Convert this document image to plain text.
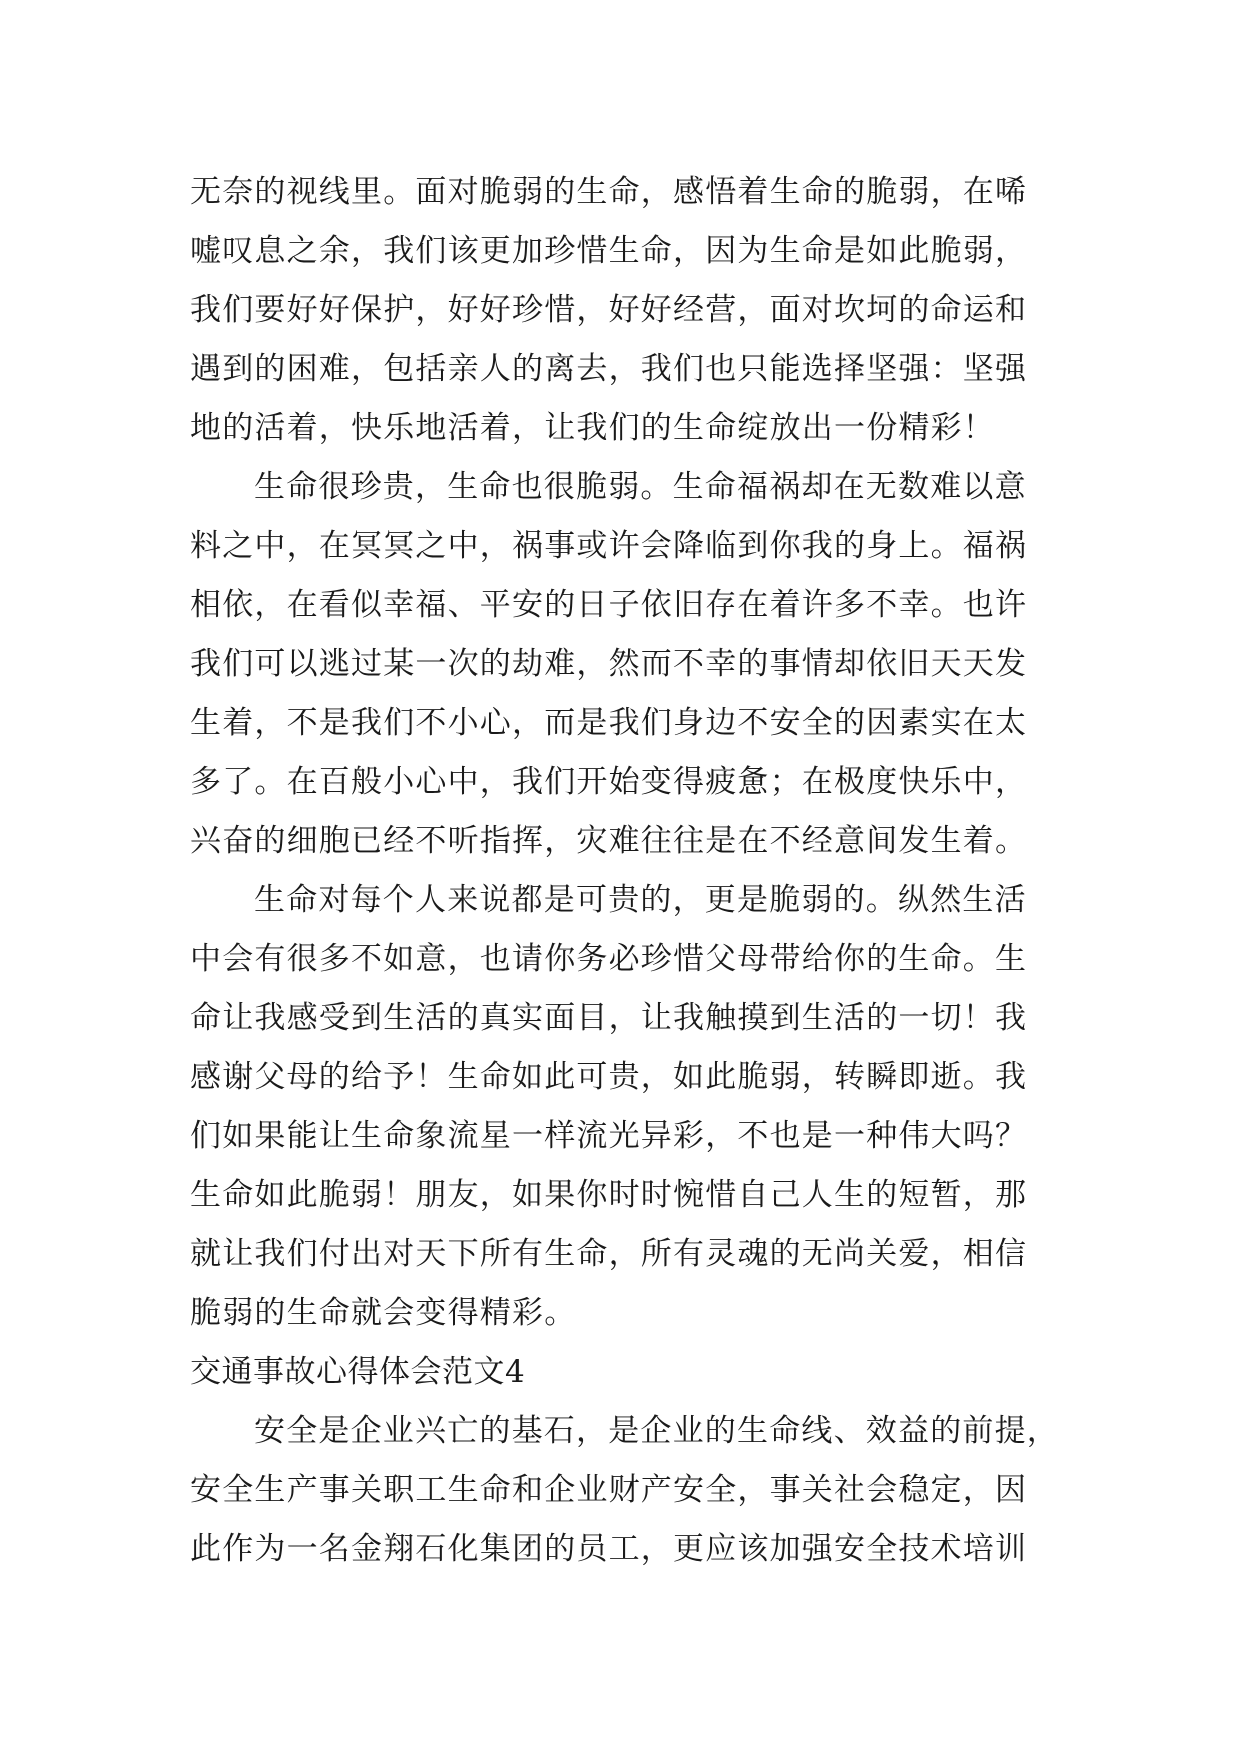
无奈的视线里。面对脆弱的生命，感悟着生命的脆弱，在唏
嘘叹息之余，我们该更加珍惜生命，因为生命是如此脆弱，
我们要好好保护，好好珍惜，好好经营，面对坎坷的命运和
遇到的困难，包括亲人的离去，我们也只能选择坚强：坚强
地的活着，快乐地活着，让我们的生命绽放出一份精彩！
生命很珍贵，生命也很脆弱。生命福祸却在无数难以意
料之中，在冥冥之中，祸事或许会降临到你我的身上。福祸
相依，在看似幸福、平安的日子依旧存在着许多不幸。也许
我们可以逃过某一次的劫难，然而不幸的事情却依旧天天发
生着，不是我们不小心，而是我们身边不安全的因素实在太
多了。在百般小心中，我们开始变得疲惫；在极度快乐中，
兴奋的细胞已经不听指挥，灾难往往是在不经意间发生着。
生命对每个人来说都是可贵的，更是脆弱的。纵然生活
中会有很多不如意，也请你务必珍惜父母带给你的生命。生
命让我感受到生活的真实面目，让我触摸到生活的一切！我
感谢父母的给予！生命如此可贵，如此脆弱，转瞬即逝。我
们如果能让生命象流星一样流光异彩，不也是一种伟大吗？
生命如此脆弱！朋友，如果你时时惋惜自己人生的短暂，那
就让我们付出对天下所有生命，所有灵魂的无尚关爱，相信
脆弱的生命就会变得精彩。
交通事故心得体会范文4
安全是企业兴亡的基石，是企业的生命线、效益的前提，
安全生产事关职工生命和企业财产安全，事关社会稳定，因
此作为一名金翔石化集团的员工，更应该加强安全技术培训
